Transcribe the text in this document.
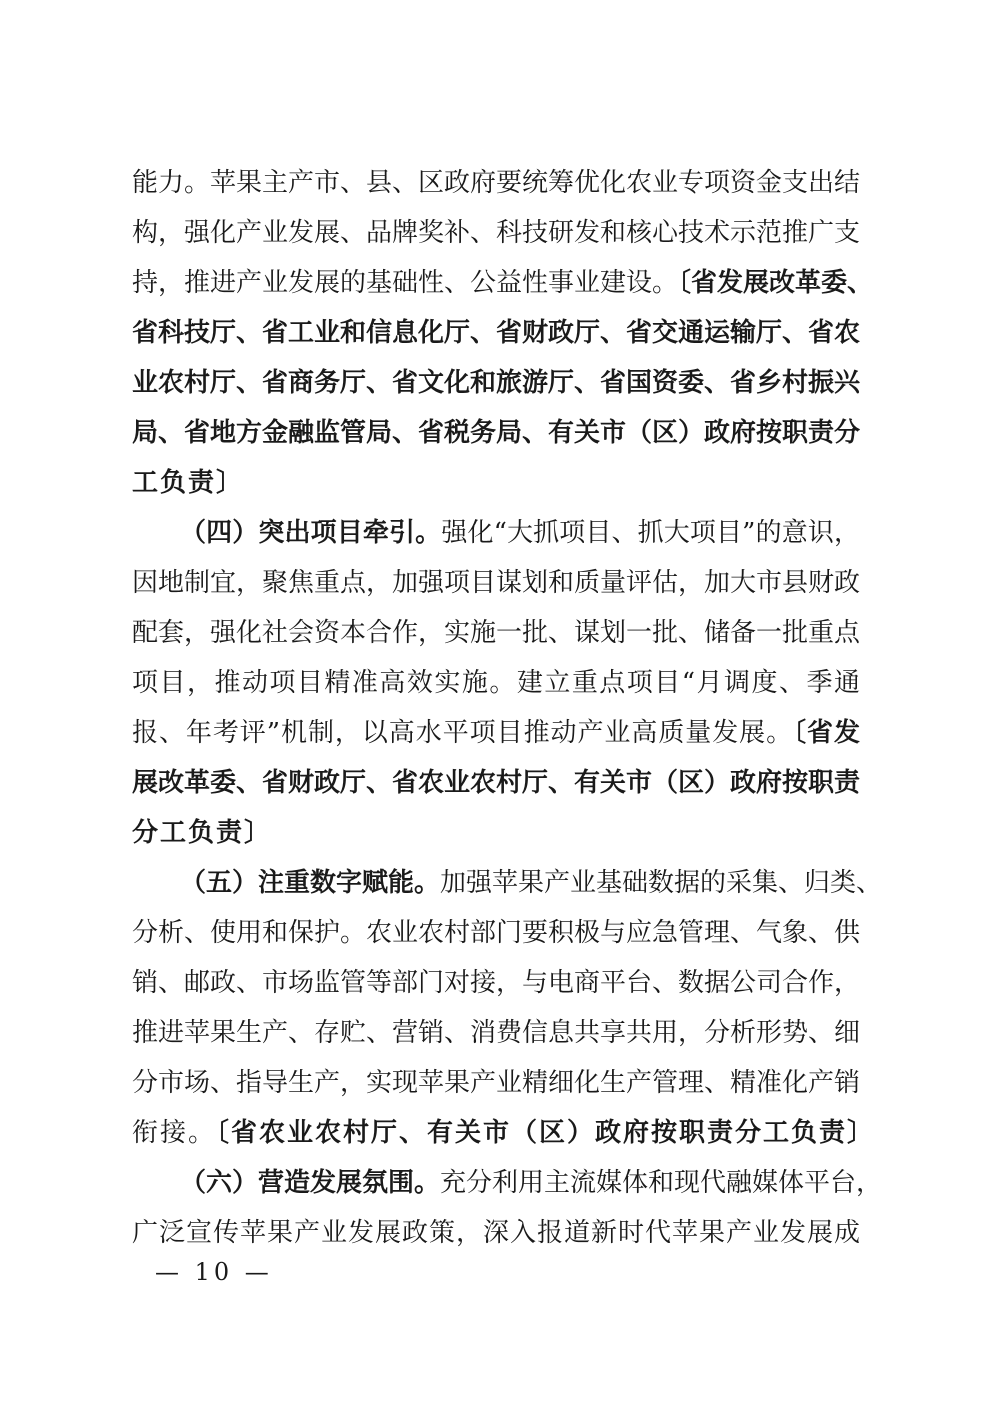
能力。苹果主产市、县、区政府要统筹优化农业专项资金支出结
构，强化产业发展、品牌奖补、科技研发和核心技术示范推广支
持，推进产业发展的基础性、公益性事业建设。〔省发展改革委、
省科技厅、省工业和信息化厅、省财政厅、省交通运输厅、省农
业农村厅、省商务厅、省文化和旅游厅、省国资委、省乡村振兴
局、省地方金融监管局、省税务局、有关市（区）政府按职责分
工负责〕
（四）突出项目牵引。强化“大抓项目、抓大项目”的意识，
因地制宜，聚焦重点，加强项目谋划和质量评估，加大市县财政
配套，强化社会资本合作，实施一批、谋划一批、储备一批重点
项目，推动项目精准高效实施。建立重点项目“月调度、季通
报、年考评”机制，以高水平项目推动产业高质量发展。〔省发
展改革委、省财政厅、省农业农村厅、有关市（区）政府按职责
分工负责〕
（五）注重数字赋能。加强苹果产业基础数据的采集、归类、
分析、使用和保护。农业农村部门要积极与应急管理、气象、供
销、邮政、市场监管等部门对接，与电商平台、数据公司合作，
推进苹果生产、存贮、营销、消费信息共享共用，分析形势、细
分市场、指导生产，实现苹果产业精细化生产管理、精准化产销
衔接。〔省农业农村厅、有关市（区）政府按职责分工负责〕
（六）营造发展氛围。充分利用主流媒体和现代融媒体平台，
广泛宣传苹果产业发展政策，深入报道新时代苹果产业发展成
— 10 —
